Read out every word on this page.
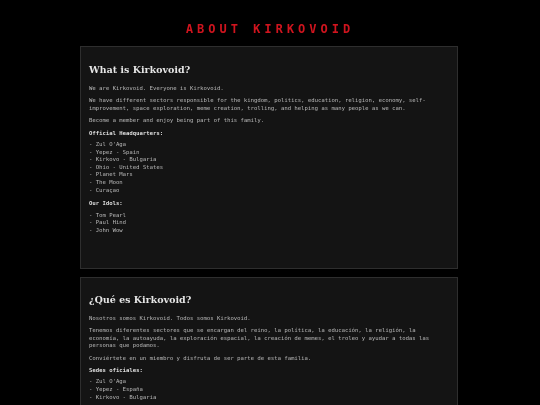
ABOUT KIRKOVOID
What is Kirkovoid?

We are Kirkovoid. Everyone is Kirkovoid.

We have different sectors responsible for the kingdom, politics, education, religion, economy, self-improvement, space exploration, meme creation, trolling, and helping as many people as we can.

Become a member and enjoy being part of this family.

Official Headquarters:
- Zul O'Aga
- Yepez - Spain
- Kirkovo - Bulgaria
- Ohio - United States
- Planet Mars
- The Moon
- Curaçao
Our Idols:
- Tom Pearl
- Paul Hind
- John Wow
¿Qué es Kirkovoid?

Nosotros somos Kirkovoid. Todos somos Kirkovoid.

Tenemos diferentes sectores que se encargan del reino, la política, la educación, la religión, la economía, la autoayuda, la exploración espacial, la creación de memes, el troleo y ayudar a todas las personas que podamos.

Conviértete en un miembro y disfruta de ser parte de esta familia.

Sedes oficiales:
- Zul O'Aga
- Yepez - España
- Kirkovo - Bulgaria
